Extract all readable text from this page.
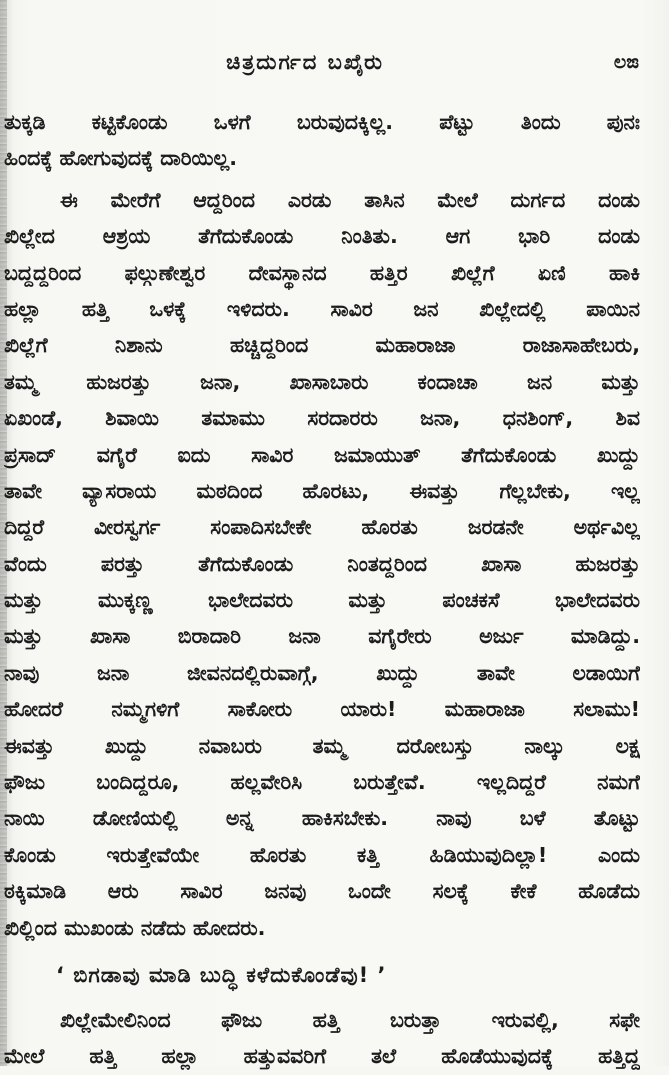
ಚಿತ್ರದುರ್ಗದ ಬಖೈರು	ಲಙ
ತುಕ್ಕಡಿ ಕಟ್ಟಿಕೊಂಡು ಒಳಗೆ ಬರುವುದಕ್ಕಿಲ್ಲ. ಪೆಟ್ಟು ತಿಂದು ಪುನಃ
ಹಿಂದಕ್ಕೆ ಹೋಗುವುದಕ್ಕೆ ದಾರಿಯಿಲ್ಲ.
ಈ ಮೇರೆಗೆ ಆದ್ದರಿಂದ ಎರಡು ತಾಸಿನ ಮೇಲೆ ದುರ್ಗದ ದಂಡು
ಖಿಲ್ಲೇದ ಆಶ್ರಯ ತೆಗೆದುಕೊಂಡು ನಿಂತಿತು. ಆಗ ಭಾರಿ ದಂಡು
ಬದ್ದದ್ದರಿಂದ ಫಲ್ಗುಣೇಶ್ವರ ದೇವಸ್ಥಾನದ ಹತ್ತಿರ ಖಿಲ್ಲೆಗೆ ಏಣಿ ಹಾಕಿ
ಹಲ್ಲಾ ಹತ್ತಿ ಒಳಕ್ಕೆ ಇಳಿದರು. ಸಾವಿರ ಜನ ಖಿಲ್ಲೇದಲ್ಲಿ ಪಾಯಿನ
ಖಿಲ್ಲೆಗೆ ನಿಶಾನು ಹಚ್ಚಿದ್ದರಿಂದ ಮಹಾರಾಜಾ ರಾಜಾಸಾಹೇಬರು,
ತಮ್ಮ ಹುಜರತ್ತು ಜನಾ, ಖಾಸಾಬಾರು ಕಂದಾಚಾ ಜನ ಮತ್ತು
ಏಖಂಡೆ, ಶಿವಾಯಿ ತಮಾಮು ಸರದಾರರು ಜನಾ, ಧನಶಿಂಗ್, ಶಿವ
ಪ್ರಸಾದ್ ವಗೈರೆ ಐದು ಸಾವಿರ ಜಮಾಯುತ್ ತೆಗೆದುಕೊಂಡು ಖುದ್ದು
ತಾವೇ ವ್ಯಾಸರಾಯ ಮಠದಿಂದ ಹೊರಟು, ಈವತ್ತು ಗೆಲ್ಲಬೇಕು, ಇಲ್ಲ
ದಿದ್ದರೆ ವೀರಸ್ವರ್ಗ ಸಂಪಾದಿಸಬೇಕೇ ಹೊರತು ಜರಡನೇ ಅರ್ಥವಿಲ್ಲ
ವೆಂದು ಪರತ್ತು ತೆಗೆದುಕೊಂಡು ನಿಂತದ್ದರಿಂದ ಖಾಸಾ ಹುಜರತ್ತು
ಮತ್ತು ಮುಕ್ಕಣ್ಣ ಭಾಲೇದವರು ಮತ್ತು ಪಂಚಕಸೆ ಭಾಲೇದವರು
ಮತ್ತು ಖಾಸಾ ಬಿರಾದಾರಿ ಜನಾ ವಗೈರೇರು ಅರ್ಜು ಮಾಡಿದ್ದು.
ನಾವು ಜನಾ ಜೀವನದಲ್ಲಿರುವಾಗ್ಗೆ, ಖುದ್ದು ತಾವೇ ಲಡಾಯಿಗೆ
ಹೋದರೆ ನಮ್ಮಗಳಿಗೆ ಸಾಕೋರು ಯಾರು! ಮಹಾರಾಜಾ ಸಲಾಮು!
ಈವತ್ತು ಖುದ್ದು ನವಾಬರು ತಮ್ಮ ದರೋಬಸ್ತು ನಾಲ್ಕು ಲಕ್ಷ
ಫೌಜು ಬಂದಿದ್ದರೂ, ಹಲ್ಲವೇರಿಸಿ ಬರುತ್ತೇವೆ. ಇಲ್ಲದಿದ್ದರೆ ನಮಗೆ
ನಾಯಿ ಡೋಣಿಯಲ್ಲಿ ಅನ್ನ ಹಾಕಿಸಬೇಕು. ನಾವು ಬಳೆ ತೊಟ್ಟು
ಕೊಂಡು ಇರುತ್ತೇವೆಯೇ ಹೊರತು ಕತ್ತಿ ಹಿಡಿಯುವುದಿಲ್ಲಾ! ಎಂದು
ಠಕ್ಕಿಮಾಡಿ ಆರು ಸಾವಿರ ಜನವು ಒಂದೇ ಸಲಕ್ಕೆ ಕೇಕೆ ಹೊಡೆದು
ಖಿಲ್ಲಿಂದ ಮುಖಂಡು ನಡೆದು ಹೋದರು.
‘ ಬಿಗಡಾವು ಮಾಡಿ ಬುದ್ಧಿ ಕಳೆದುಕೊಂಡೆವು! ’
ಖಿಲ್ಲೇಮೇಲಿನಿಂದ ಫೌಜು ಹತ್ತಿ ಬರುತ್ತಾ ಇರುವಲ್ಲಿ, ಸಫೇ
ಮೇಲೆ ಹತ್ತಿ ಹಲ್ಲಾ ಹತ್ತುವವರಿಗೆ ತಲೆ ಹೊಡೆಯುವುದಕ್ಕೆ ಹತ್ತಿದ್ದ
